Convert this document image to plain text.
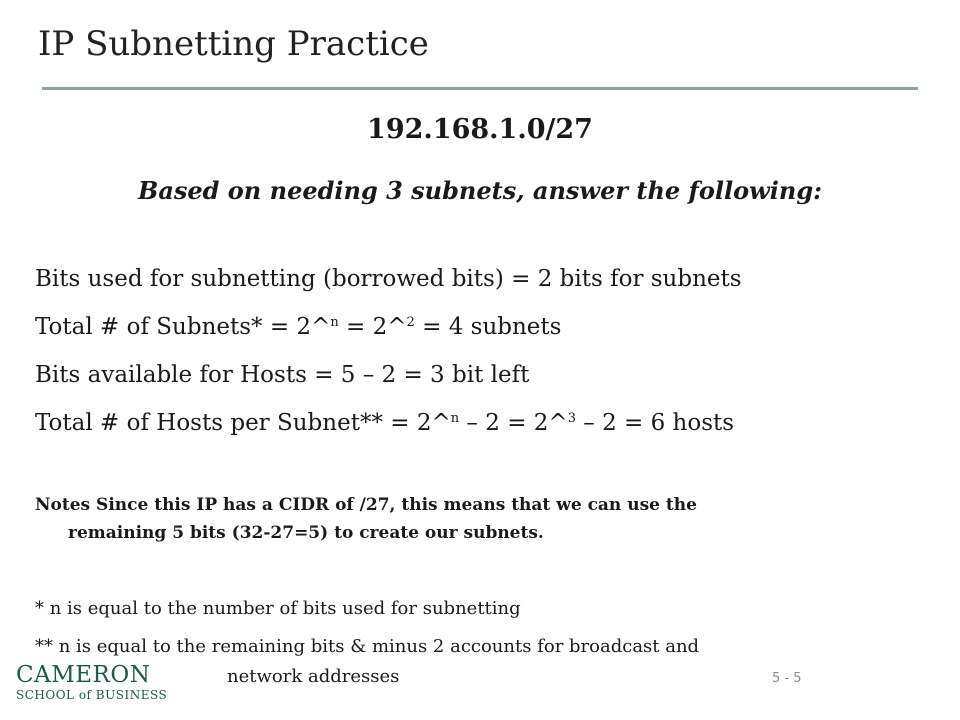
IP Subnetting Practice
192.168.1.0/27
Based on needing 3 subnets, answer the following:
Bits used for subnetting (borrowed bits) = 2 bits for subnets
Total # of Subnets* = 2^$^n$ = 2^$^2$ = 4 subnets
Bits available for Hosts = 5 – 2 = 3 bit left
Total # of Hosts per Subnet** = 2^$^n$ – 2 = 2^$^3$ – 2 = 6 hosts
Notes Since this IP has a CIDR of /27, this means that we can use the
remaining 5 bits (32-27=5) to create our subnets.
* n is equal to the number of bits used for subnetting
** n is equal to the remaining bits & minus 2 accounts for broadcast and
network addresses
CAMERON
SCHOOL of BUSINESS
5 - 5
